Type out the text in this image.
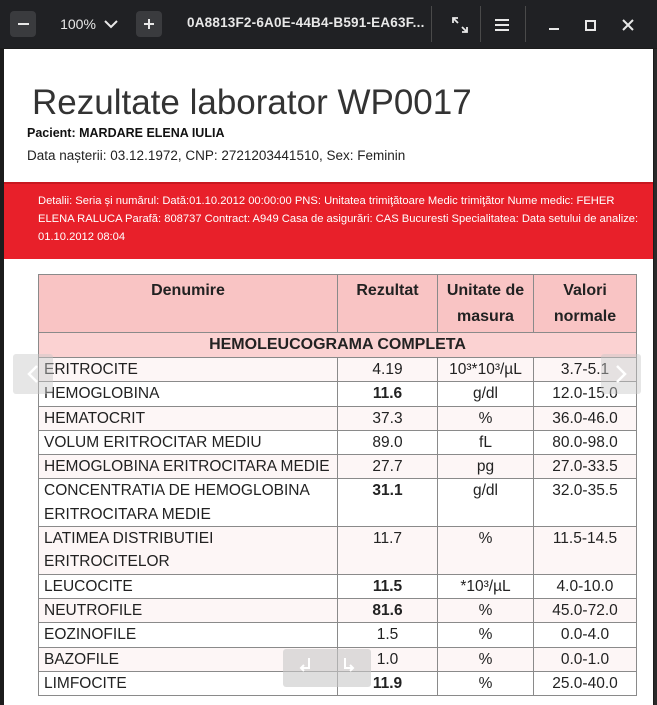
100%	0A8813F2-6A0E-44B4-B591-EA63F...
Rezultate laborator WP0017
Pacient: MARDARE ELENA IULIA
Data nașterii: 03.12.1972, CNP: 2721203441510, Sex: Feminin
Detalii: Seria și numărul: Dată:01.10.2012 00:00:00 PNS: Unitatea trimiţătoare Medic trimiţător Nume medic: FEHER ELENA RALUCA Parafă: 808737 Contract: A949 Casa de asigurări: CAS Bucuresti Specialitatea: Data setului de analize: 01.10.2012 08:04
Denumire	Rezultat	Unitate de masura	Valori normale
HEMOLEUCOGRAMA COMPLETA			
ERITROCITE	4.19	10³*10³/µL	3.7-5.1
HEMOGLOBINA	11.6	g/dl	12.0-15.0
HEMATOCRIT	37.3	%	36.0-46.0
VOLUM ERITROCITAR MEDIU	89.0	fL	80.0-98.0
HEMOGLOBINA ERITROCITARA MEDIE	27.7	pg	27.0-33.5
CONCENTRATIA DE HEMOGLOBINA ERITROCITARA MEDIE	31.1	g/dl	32.0-35.5
LATIMEA DISTRIBUTIEI ERITROCITELOR	11.7	%	11.5-14.5
LEUCOCITE	11.5	*10³/µL	4.0-10.0
NEUTROFILE	81.6	%	45.0-72.0
EOZINOFILE	1.5	%	0.0-4.0
BAZOFILE	1.0	%	0.0-1.0
LIMFOCITE	11.9	%	25.0-40.0
